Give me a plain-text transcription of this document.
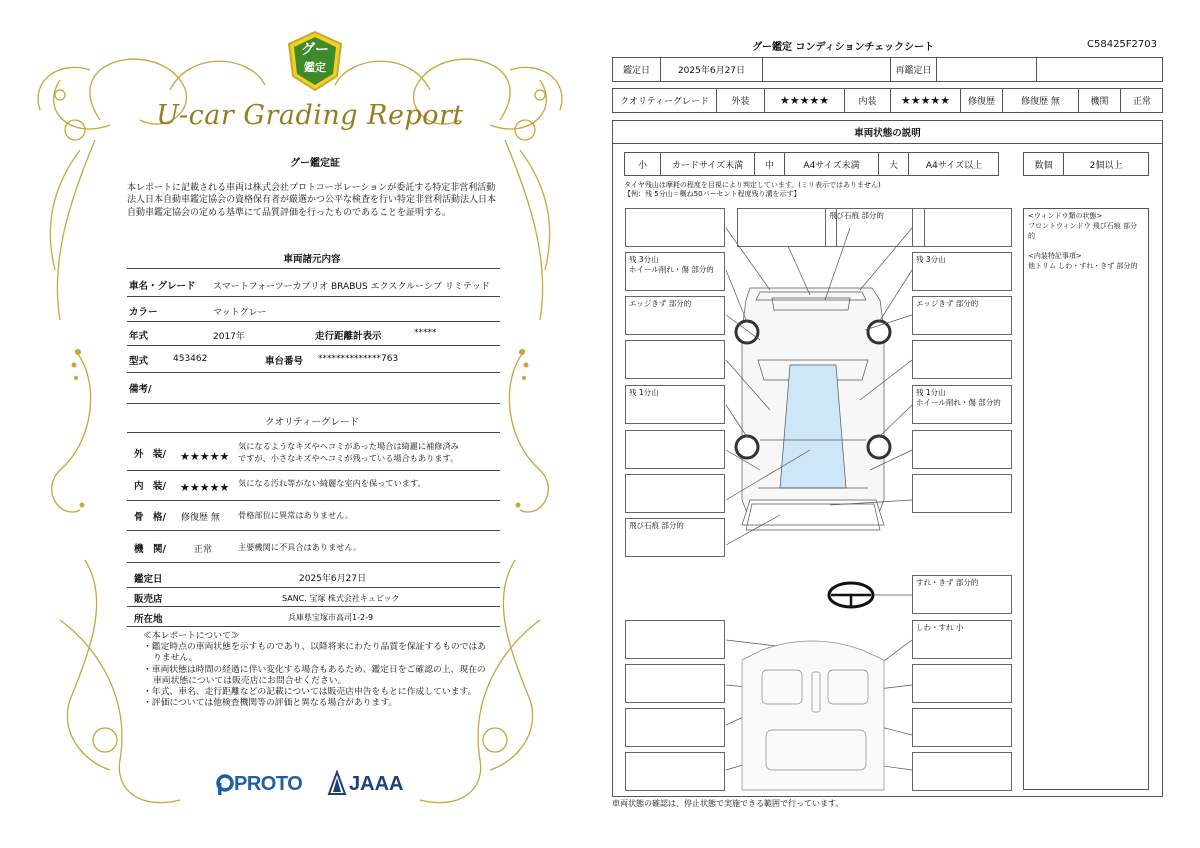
グー
鑑定
U-car Grading Report
グー鑑定証
本レポートに記載される車両は株式会社プロトコーポレーションが委託する特定非営利活動法人日本自動車鑑定協会の資格保有者が厳選かつ公平な検査を行い特定非営利活動法人日本自動車鑑定協会の定める基準にて品質評価を行ったものであることを証明する。
車両諸元内容
車名・グレード スマートフォーツーカブリオ BRABUS エクスクルーシブ リミテッド
カラー	マットグレー
年式	2017年	走行距離計表示	*****
型式	453462	車台番号 **************763
備考/
クオリティーグレード
外　装/ ★★★★★
気になるようなキズやヘコミがあった場合は綺麗に補修済み
ですが、小さなキズやヘコミが残っている場合もあります。
内　装/ ★★★★★ 気になる汚れ等がない綺麗な室内を保っています。
骨　格/ 修復歴 無 骨格部位に異常はありません。
機　関/	正常	主要機関に不具合はありません。
鑑定日	2025年6月27日
販売店	SANC. 宝塚 株式会社キュビック
所在地	兵庫県宝塚市高司1-2-9
≪本レポートについて≫
・鑑定時点の車両状態を示すものであり、以降将来にわたり品質を保証するものではありません。
・車両状態は時間の経過に伴い変化する場合もあるため、鑑定日をご確認の上、現在の車両状態については販売店にお問合せください。
・年式、車名、走行距離などの記載については販売店申告をもとに作成しています。
・評価については他検査機関等の評価と異なる場合があります。
PROTO JAAA
グー鑑定 コンディションチェックシート	C58425F2703
鑑定日	2025年6月27日	再鑑定日
クオリティーグレード	外装	★★★★★	内装	★★★★★	修復歴	修復歴 無	機関	正常
車両状態の説明
小	カードサイズ未満	中	A4サイズ未満	大	A4サイズ以上	数個	2個以上
タイヤ残山は摩耗の程度を目視により判定しています。(ミリ表示ではありません)
【例：残 5分山＝概ね50パーセント程度残り溝を示す】
<ウィンドウ類の状態>
フロントウィンドウ 飛び石痕 部分的
<内装特記事項>
他トリム しわ・すれ・きず 部分的
飛び石痕 部分的
残 3分山
ホイール削れ・傷 部分的
残 3分山
エッジきず 部分的	エッジきず 部分的
残 1分山	残 1分山
ホイール削れ・傷 部分的
飛び石痕 部分的
すれ・きず 部分的
しわ・すれ 小
車両状態の確認は、停止状態で実施できる範囲で行っています。
